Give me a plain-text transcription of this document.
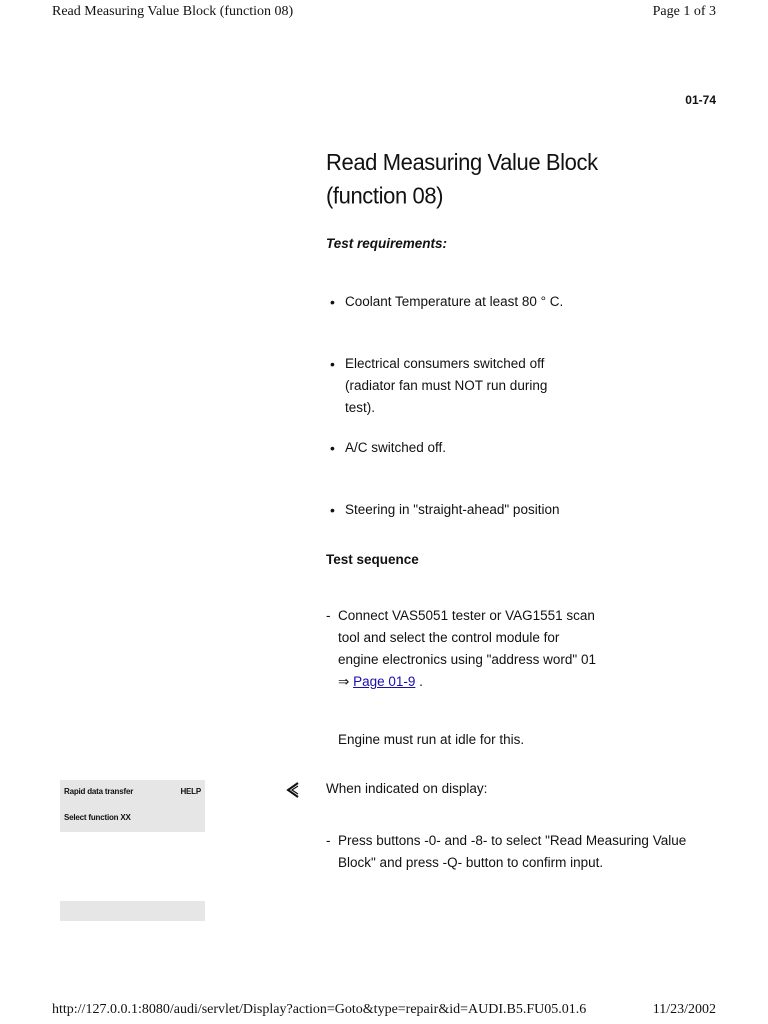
Read Measuring Value Block (function 08)	Page 1 of 3
01-74
Read Measuring Value Block
(function 08)
Test requirements:
• Coolant Temperature at least 80 ° C.
• Electrical consumers switched off (radiator fan must NOT run during test).
• A/C switched off.
• Steering in "straight-ahead" position
Test sequence
- Connect VAS5051 tester or VAG1551 scan tool and select the control module for engine electronics using "address word" 01 ⇒ Page 01-9 .
Engine must run at idle for this.
When indicated on display:
Rapid data transfer	HELP
Select function XX
- Press buttons -0- and -8- to select "Read Measuring Value Block" and press -Q- button to confirm input.
http://127.0.0.1:8080/audi/servlet/Display?action=Goto&type=repair&id=AUDI.B5.FU05.01.6	11/23/2002
